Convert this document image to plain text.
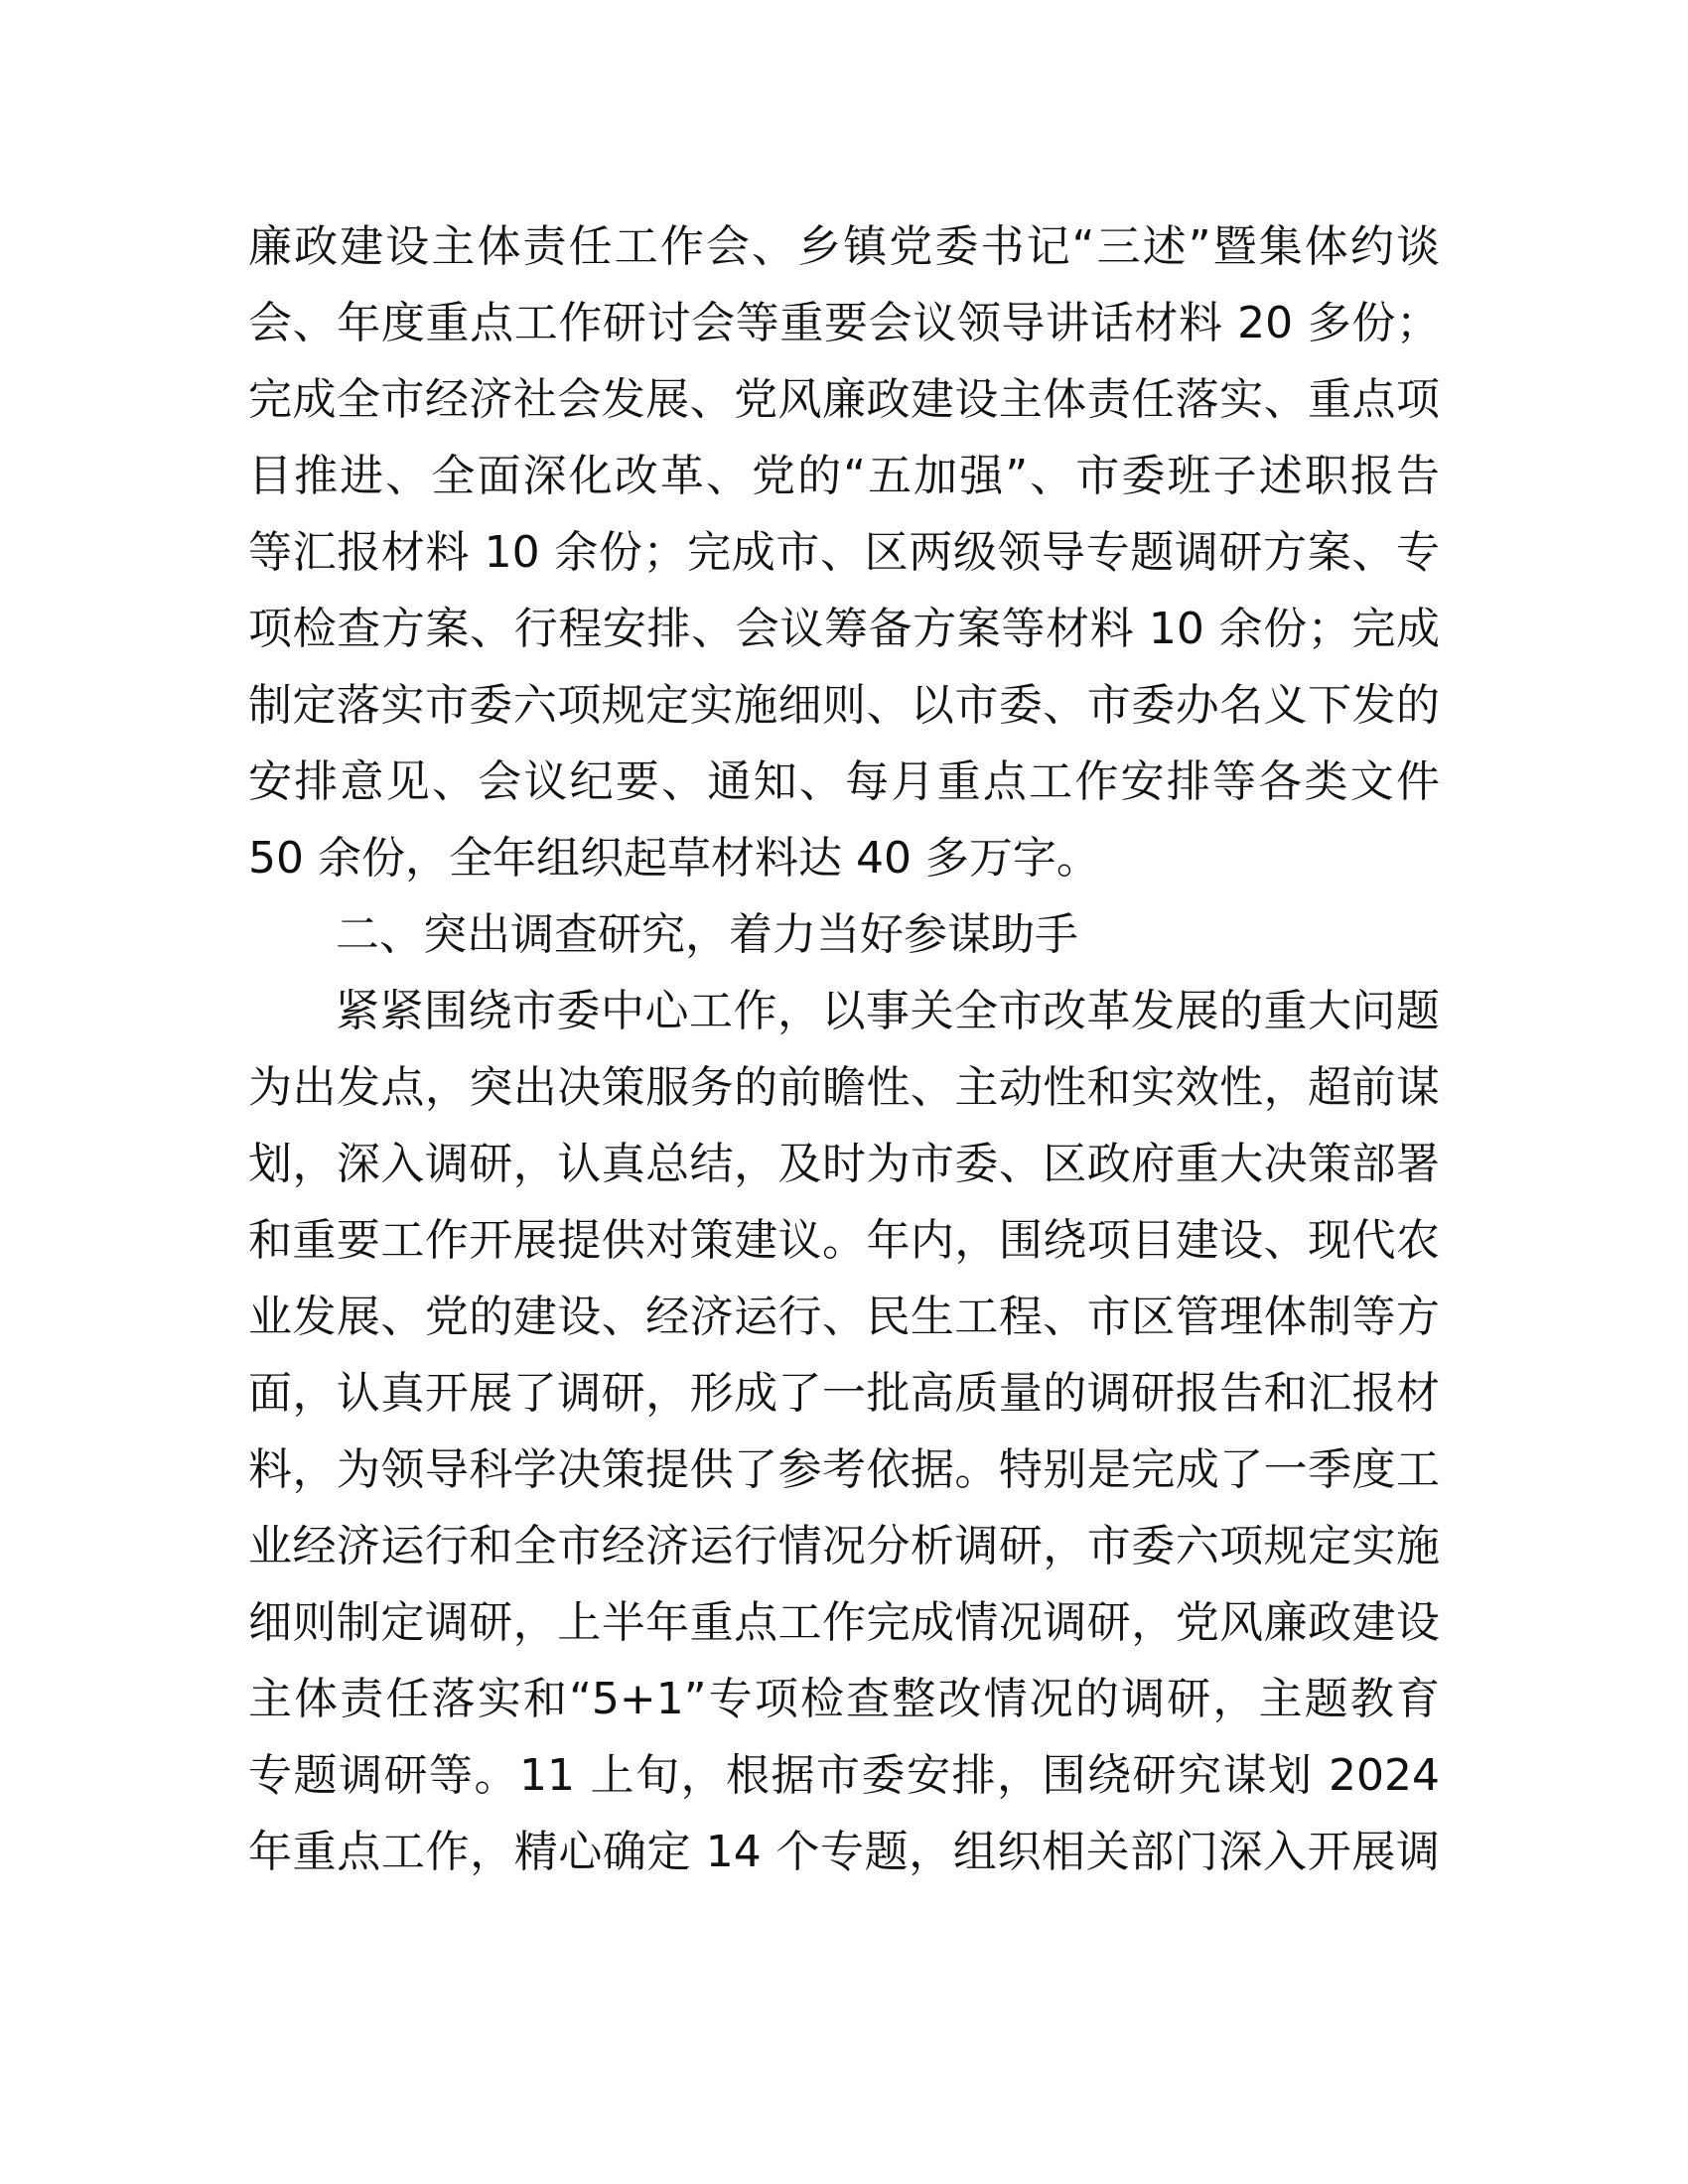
廉政建设主体责任工作会、乡镇党委书记“三述”暨集体约谈
会、年度重点工作研讨会等重要会议领导讲话材料 20 多份；
完成全市经济社会发展、党风廉政建设主体责任落实、重点项
目推进、全面深化改革、党的“五加强”、市委班子述职报告
等汇报材料 10 余份；完成市、区两级领导专题调研方案、专
项检查方案、行程安排、会议筹备方案等材料 10 余份；完成
制定落实市委六项规定实施细则、以市委、市委办名义下发的
安排意见、会议纪要、通知、每月重点工作安排等各类文件
50 余份，全年组织起草材料达 40 多万字。
二、突出调查研究，着力当好参谋助手
紧紧围绕市委中心工作，以事关全市改革发展的重大问题
为出发点，突出决策服务的前瞻性、主动性和实效性，超前谋
划，深入调研，认真总结，及时为市委、区政府重大决策部署
和重要工作开展提供对策建议。年内，围绕项目建设、现代农
业发展、党的建设、经济运行、民生工程、市区管理体制等方
面，认真开展了调研，形成了一批高质量的调研报告和汇报材
料，为领导科学决策提供了参考依据。特别是完成了一季度工
业经济运行和全市经济运行情况分析调研，市委六项规定实施
细则制定调研，上半年重点工作完成情况调研，党风廉政建设
主体责任落实和“5+1”专项检查整改情况的调研，主题教育
专题调研等。11 上旬，根据市委安排，围绕研究谋划 2024
年重点工作，精心确定 14 个专题，组织相关部门深入开展调
